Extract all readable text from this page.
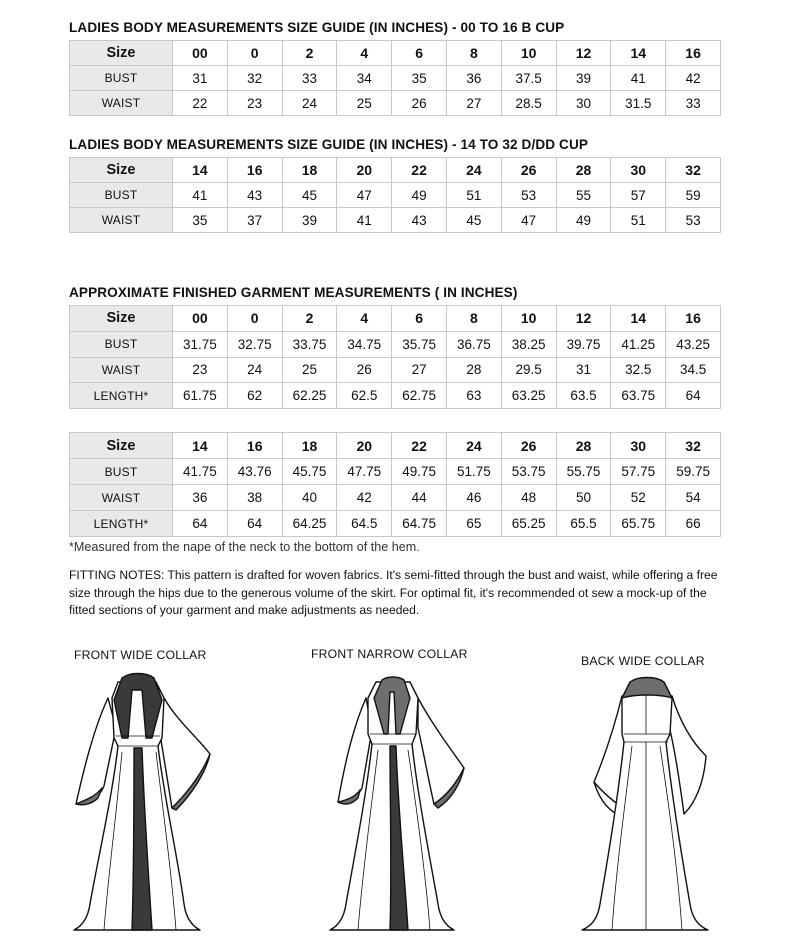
LADIES BODY MEASUREMENTS SIZE GUIDE (IN INCHES) - 00 TO 16 B CUP
Size	00	0	2	4	6	8	10	12	14	16
BUST	31	32	33	34	35	36	37.5	39	41	42
WAIST	22	23	24	25	26	27	28.5	30	31.5	33
LADIES BODY MEASUREMENTS SIZE GUIDE (IN INCHES) - 14 TO 32 D/DD CUP
Size	14	16	18	20	22	24	26	28	30	32
BUST	41	43	45	47	49	51	53	55	57	59
WAIST	35	37	39	41	43	45	47	49	51	53
APPROXIMATE FINISHED GARMENT MEASUREMENTS ( IN INCHES)
Size	00	0	2	4	6	8	10	12	14	16
BUST	31.75	32.75	33.75	34.75	35.75	36.75	38.25	39.75	41.25	43.25
WAIST	23	24	25	26	27	28	29.5	31	32.5	34.5
LENGTH*	61.75	62	62.25	62.5	62.75	63	63.25	63.5	63.75	64
Size	14	16	18	20	22	24	26	28	30	32
BUST	41.75	43.76	45.75	47.75	49.75	51.75	53.75	55.75	57.75	59.75
WAIST	36	38	40	42	44	46	48	50	52	54
LENGTH*	64	64	64.25	64.5	64.75	65	65.25	65.5	65.75	66
*Measured from the nape of the neck to the bottom of the hem.
FITTING NOTES: This pattern is drafted for woven fabrics. It's semi-fitted through the bust and waist, while offering a free size through the hips due to the generous volume of the skirt. For optimal fit, it's recommended ot sew a mock-up of the fitted sections of your garment and make adjustments as needed.
FRONT WIDE COLLAR	FRONT NARROW COLLAR	BACK WIDE COLLAR
